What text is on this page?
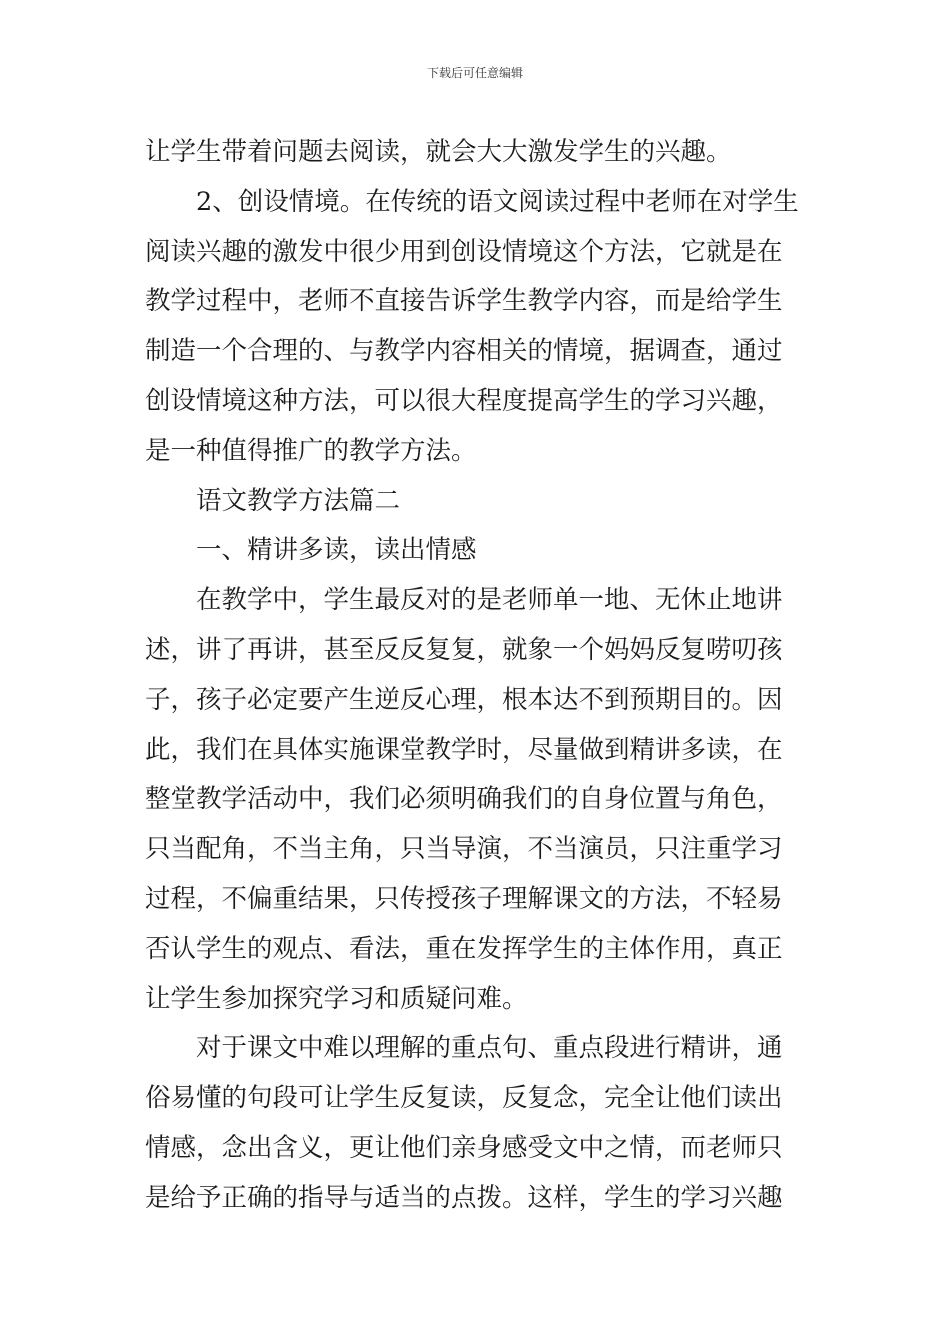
下载后可任意编辑
让学生带着问题去阅读，就会大大激发学生的兴趣。
2、创设情境。在传统的语文阅读过程中老师在对学生
阅读兴趣的激发中很少用到创设情境这个方法，它就是在
教学过程中，老师不直接告诉学生教学内容，而是给学生
制造一个合理的、与教学内容相关的情境，据调查，通过
创设情境这种方法，可以很大程度提高学生的学习兴趣，
是一种值得推广的教学方法。
语文教学方法篇二
一、精讲多读，读出情感
在教学中，学生最反对的是老师单一地、无休止地讲
述，讲了再讲，甚至反反复复，就象一个妈妈反复唠叨孩
子，孩子必定要产生逆反心理，根本达不到预期目的。因
此，我们在具体实施课堂教学时，尽量做到精讲多读，在
整堂教学活动中，我们必须明确我们的自身位置与角色，
只当配角，不当主角，只当导演，不当演员，只注重学习
过程，不偏重结果，只传授孩子理解课文的方法，不轻易
否认学生的观点、看法，重在发挥学生的主体作用，真正
让学生参加探究学习和质疑问难。
对于课文中难以理解的重点句、重点段进行精讲，通
俗易懂的句段可让学生反复读，反复念，完全让他们读出
情感，念出含义，更让他们亲身感受文中之情，而老师只
是给予正确的指导与适当的点拨。这样，学生的学习兴趣
